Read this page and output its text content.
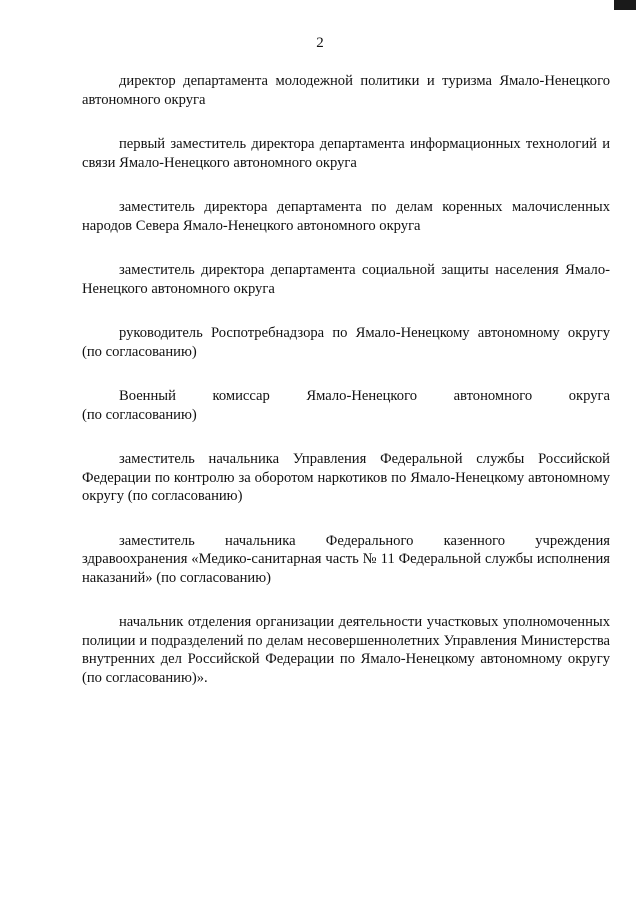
2

директор департамента молодежной политики и туризма Ямало-Ненецкого автономного округа

первый заместитель директора департамента информационных технологий и связи Ямало-Ненецкого автономного округа

заместитель директора департамента по делам коренных малочисленных народов Севера Ямало-Ненецкого автономного округа

заместитель директора департамента социальной защиты населения Ямало-Ненецкого автономного округа

руководитель Роспотребнадзора по Ямало-Ненецкому автономному округу (по согласованию)

Военный комиссар Ямало-Ненецкого автономного округа
(по согласованию)

заместитель начальника Управления Федеральной службы Российской Федерации по контролю за оборотом наркотиков по Ямало-Ненецкому автономному округу (по согласованию)

заместитель начальника Федерального казенного учреждения здравоохранения «Медико-санитарная часть № 11 Федеральной службы исполнения наказаний» (по согласованию)

начальник отделения организации деятельности участковых уполномоченных полиции и подразделений по делам несовершеннолетних Управления Министерства внутренних дел Российской Федерации по Ямало-Ненецкому автономному округу (по согласованию)».
